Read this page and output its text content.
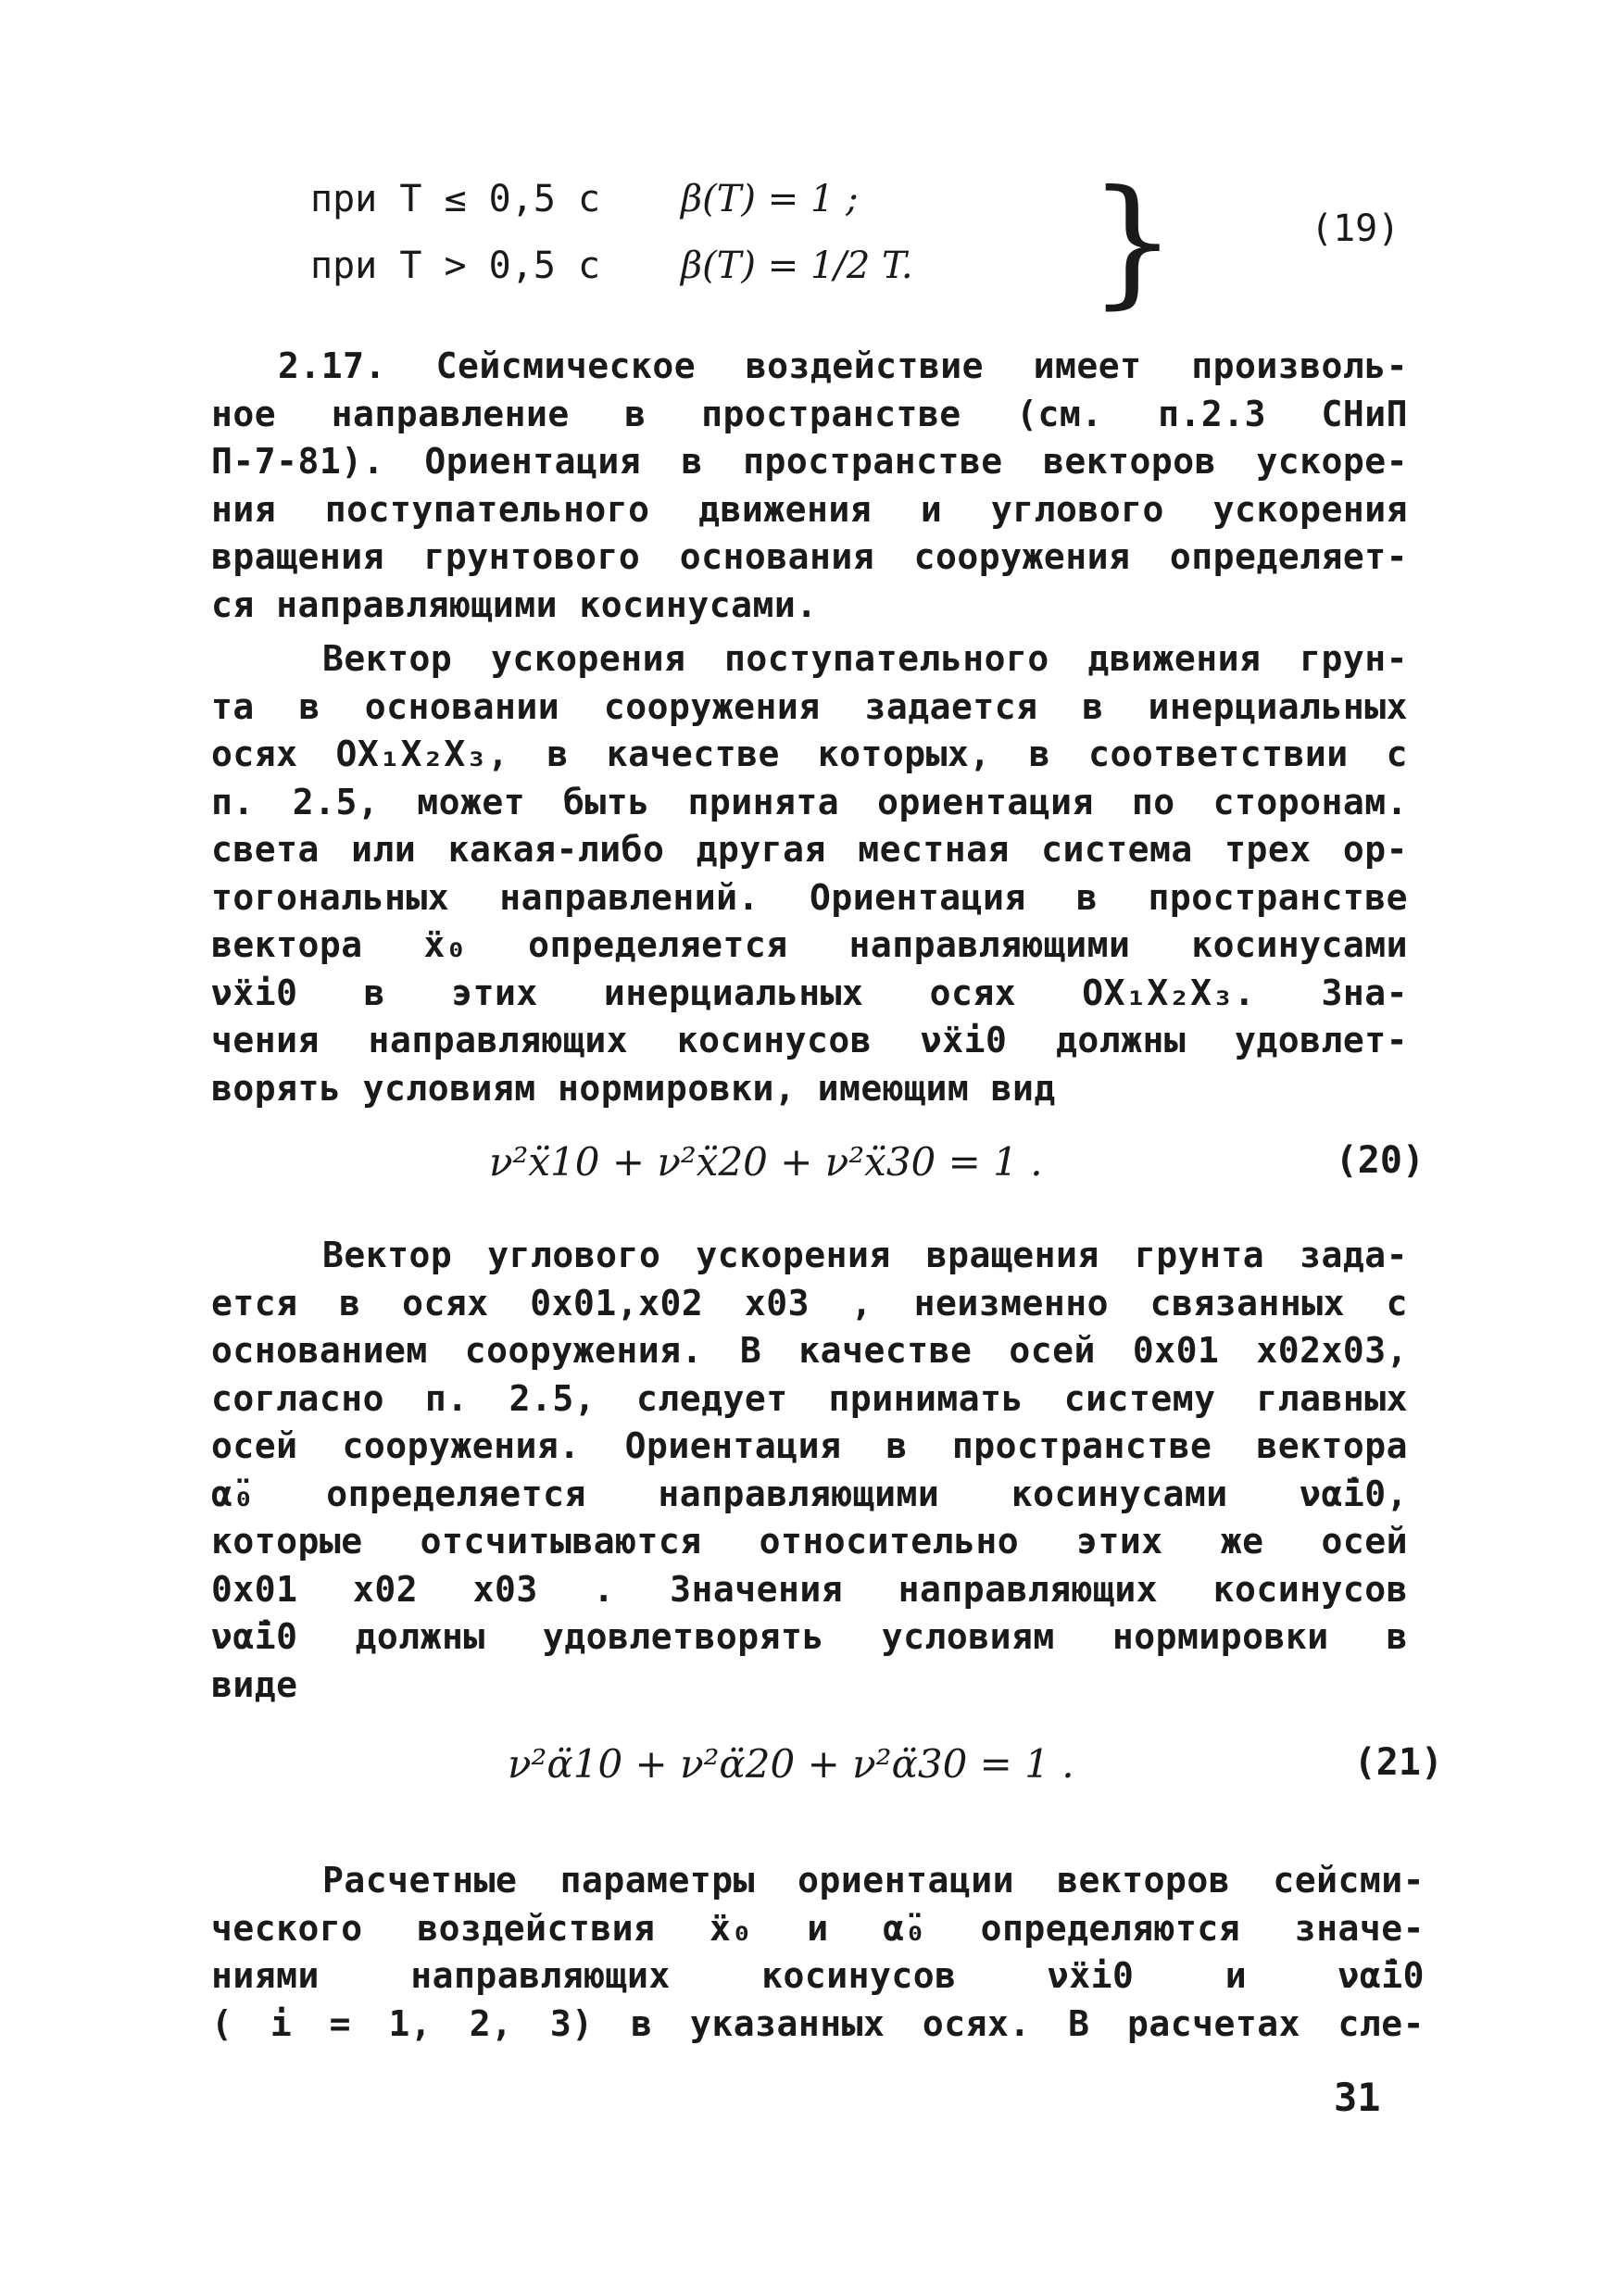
при T ≤ 0,5 c	β(T) = 1 ;
при T > 0,5 c	β(T) = 1/2 T. }	(19)
2.17. Сейсмическое воздействие имеет произволь-
ное направление в пространстве (см. п.2.3 СНиП
П-7-81). Ориентация в пространстве векторов ускоре-
ния поступательного движения и углового ускорения
вращения грунтового основания сооружения определяет-
ся направляющими косинусами.
Вектор ускорения поступательного движения грун-
та в основании сооружения задается в инерциальных
осях OX₁X₂X₃, в качестве которых, в соответствии с
п. 2.5, может быть принята ориентация по сторонам.
света или какая-либо другая местная система трех ор-
тогональных направлений. Ориентация в пространстве
вектора ẍ₀ определяется направляющими косинусами
νẍi0 в этих инерциальных осях OX₁X₂X₃. Зна-
чения направляющих косинусов νẍi0 должны удовлет-
ворять условиям нормировки, имеющим вид
ν²ẍ10 + ν²ẍ20 + ν²ẍ30 = 1 .	(20)
Вектор углового ускорения вращения грунта зада-
ется в осях 0x01,x02 x03 , неизменно связанных с
основанием сооружения. В качестве осей 0x01 x02x03,
согласно п. 2.5, следует принимать систему главных
осей сооружения. Ориентация в пространстве вектора
α̈₀ определяется направляющими косинусами να̈i0,
которые отсчитываются относительно этих же осей
0x01 x02 x03 . Значения направляющих косинусов
να̈i0 должны удовлетворять условиям нормировки в
виде
ν²α̈10 + ν²α̈20 + ν²α̈30 = 1 .	(21)
Расчетные параметры ориентации векторов сейсми-
ческого воздействия ẍ₀ и α̈₀ определяются значе-
ниями направляющих косинусов νẍi0 и να̈i0
( i = 1, 2, 3) в указанных осях. В расчетах сле-
31
